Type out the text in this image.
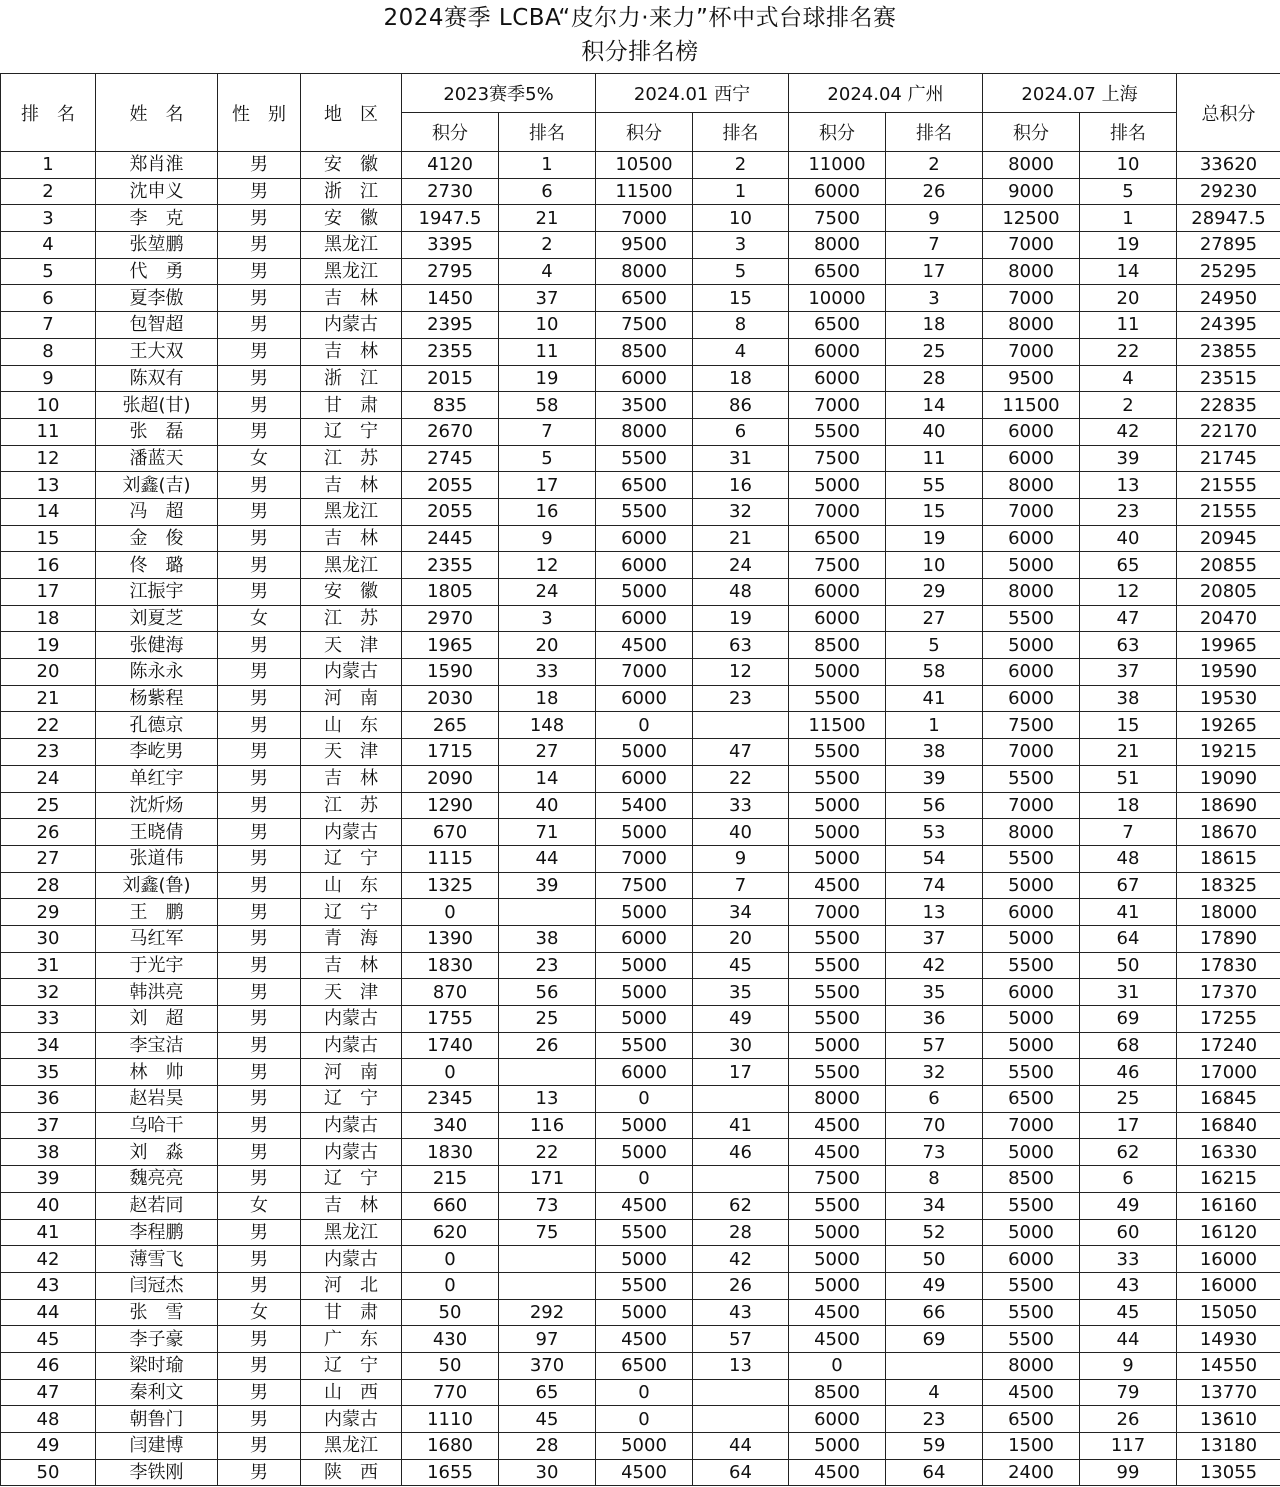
2024赛季 LCBA“皮尔力·来力”杯中式台球排名赛
积分排名榜
排　名	姓　名	性　别	地　区	2023赛季5%		2024.01 西宁		2024.04 广州		2024.07 上海		总积分
				积分	排名	积分	排名	积分	排名	积分	排名	
1	郑肖淮	男	安　徽	4120	1	10500	2	11000	2	8000	10	33620
2	沈申义	男	浙　江	2730	6	11500	1	6000	26	9000	5	29230
3	李　克	男	安　徽	1947.5	21	7000	10	7500	9	12500	1	28947.5
4	张堃鹏	男	黑龙江	3395	2	9500	3	8000	7	7000	19	27895
5	代　勇	男	黑龙江	2795	4	8000	5	6500	17	8000	14	25295
6	夏李傲	男	吉　林	1450	37	6500	15	10000	3	7000	20	24950
7	包智超	男	内蒙古	2395	10	7500	8	6500	18	8000	11	24395
8	王大双	男	吉　林	2355	11	8500	4	6000	25	7000	22	23855
9	陈双有	男	浙　江	2015	19	6000	18	6000	28	9500	4	23515
10	张超(甘)	男	甘　肃	835	58	3500	86	7000	14	11500	2	22835
11	张　磊	男	辽　宁	2670	7	8000	6	5500	40	6000	42	22170
12	潘蓝天	女	江　苏	2745	5	5500	31	7500	11	6000	39	21745
13	刘鑫(吉)	男	吉　林	2055	17	6500	16	5000	55	8000	13	21555
14	冯　超	男	黑龙江	2055	16	5500	32	7000	15	7000	23	21555
15	金　俊	男	吉　林	2445	9	6000	21	6500	19	6000	40	20945
16	佟　璐	男	黑龙江	2355	12	6000	24	7500	10	5000	65	20855
17	江振宇	男	安　徽	1805	24	5000	48	6000	29	8000	12	20805
18	刘夏芝	女	江　苏	2970	3	6000	19	6000	27	5500	47	20470
19	张健海	男	天　津	1965	20	4500	63	8500	5	5000	63	19965
20	陈永永	男	内蒙古	1590	33	7000	12	5000	58	6000	37	19590
21	杨紫程	男	河　南	2030	18	6000	23	5500	41	6000	38	19530
22	孔德京	男	山　东	265	148	0		11500	1	7500	15	19265
23	李屹男	男	天　津	1715	27	5000	47	5500	38	7000	21	19215
24	单红宇	男	吉　林	2090	14	6000	22	5500	39	5500	51	19090
25	沈炘炀	男	江　苏	1290	40	5400	33	5000	56	7000	18	18690
26	王晓倩	男	内蒙古	670	71	5000	40	5000	53	8000	7	18670
27	张道伟	男	辽　宁	1115	44	7000	9	5000	54	5500	48	18615
28	刘鑫(鲁)	男	山　东	1325	39	7500	7	4500	74	5000	67	18325
29	王　鹏	男	辽　宁	0		5000	34	7000	13	6000	41	18000
30	马红军	男	青　海	1390	38	6000	20	5500	37	5000	64	17890
31	于光宇	男	吉　林	1830	23	5000	45	5500	42	5500	50	17830
32	韩洪亮	男	天　津	870	56	5000	35	5500	35	6000	31	17370
33	刘　超	男	内蒙古	1755	25	5000	49	5500	36	5000	69	17255
34	李宝洁	男	内蒙古	1740	26	5500	30	5000	57	5000	68	17240
35	林　帅	男	河　南	0		6000	17	5500	32	5500	46	17000
36	赵岩昊	男	辽　宁	2345	13	0		8000	6	6500	25	16845
37	乌哈干	男	内蒙古	340	116	5000	41	4500	70	7000	17	16840
38	刘　淼	男	内蒙古	1830	22	5000	46	4500	73	5000	62	16330
39	魏亮亮	男	辽　宁	215	171	0		7500	8	8500	6	16215
40	赵若同	女	吉　林	660	73	4500	62	5500	34	5500	49	16160
41	李程鹏	男	黑龙江	620	75	5500	28	5000	52	5000	60	16120
42	薄雪飞	男	内蒙古	0		5000	42	5000	50	6000	33	16000
43	闫冠杰	男	河　北	0		5500	26	5000	49	5500	43	16000
44	张　雪	女	甘　肃	50	292	5000	43	4500	66	5500	45	15050
45	李子豪	男	广　东	430	97	4500	57	4500	69	5500	44	14930
46	梁时瑜	男	辽　宁	50	370	6500	13	0		8000	9	14550
47	秦利文	男	山　西	770	65	0		8500	4	4500	79	13770
48	朝鲁门	男	内蒙古	1110	45	0		6000	23	6500	26	13610
49	闫建博	男	黑龙江	1680	28	5000	44	5000	59	1500	117	13180
50	李铁刚	男	陕　西	1655	30	4500	64	4500	64	2400	99	13055
